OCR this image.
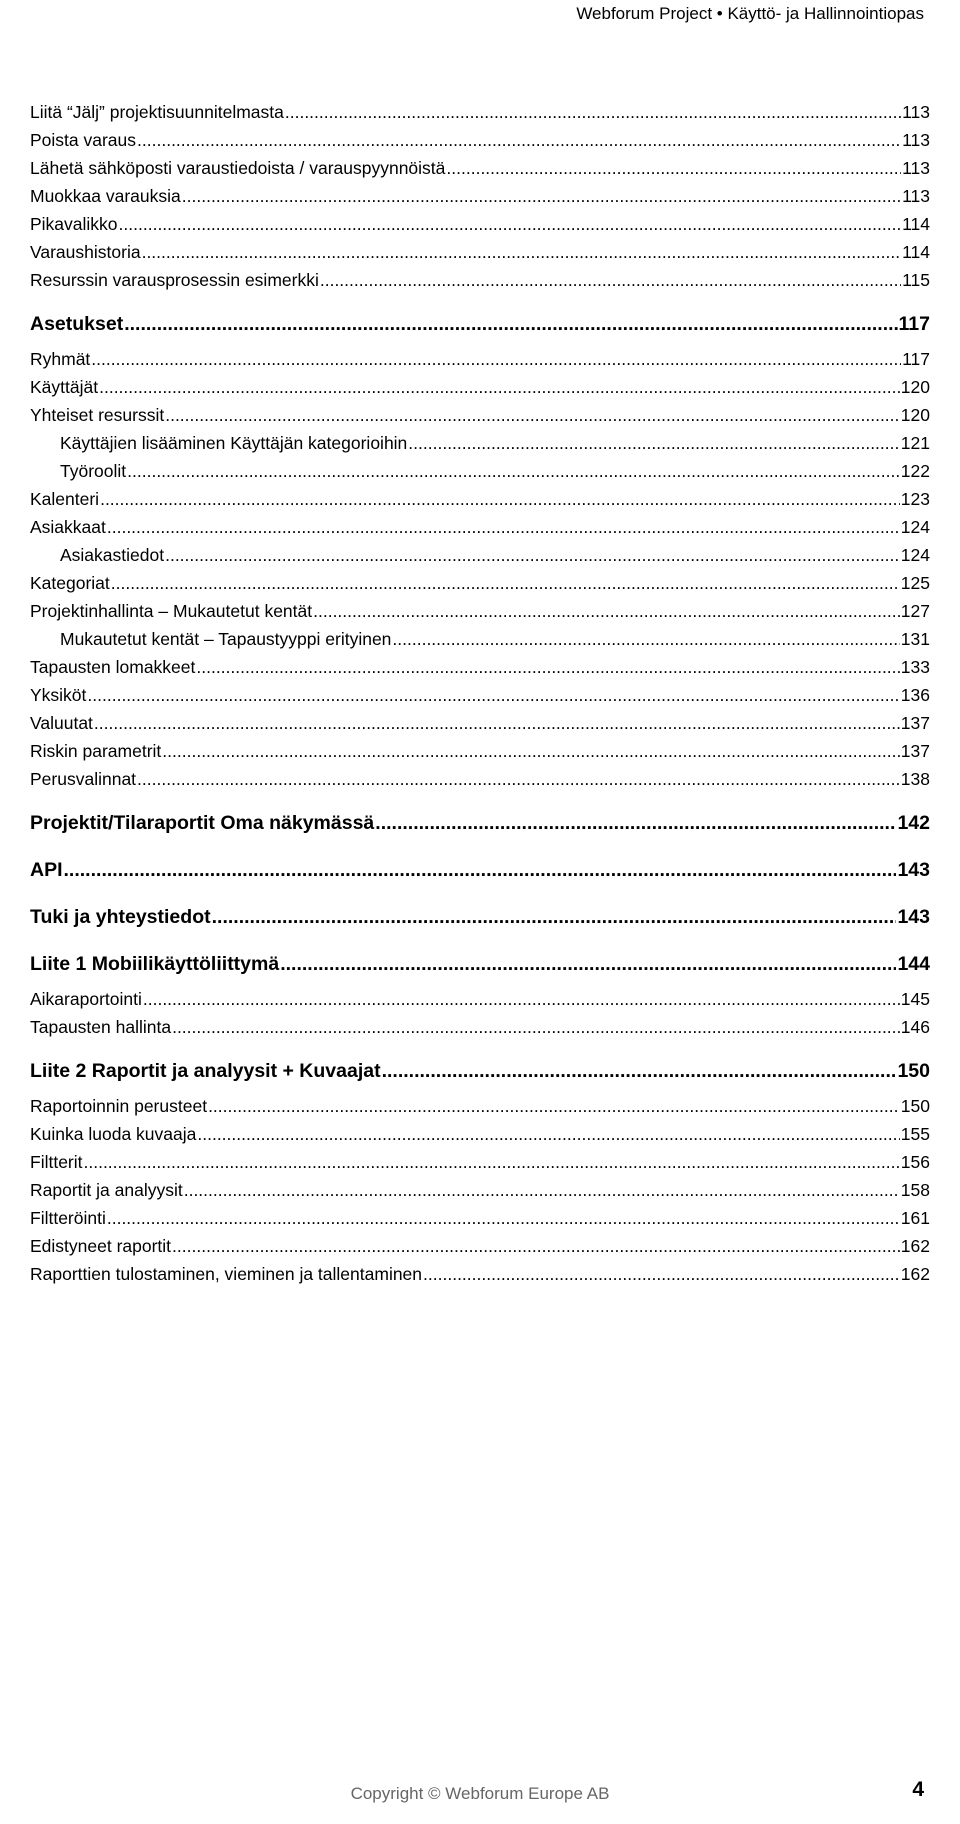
Webforum Project • Käyttö- ja Hallinnointiopas
Liitä “Jälj” projektisuunnitelmasta .....	113
Poista varaus .....	113
Lähetä sähköposti varaustiedoista / varauspyynnöistä .....	113
Muokkaa varauksia .....	113
Pikavalikko .....	114
Varaushistoria .....	114
Resurssin varausprosessin esimerkki .....	115
Asetukset .....	117
Ryhmät .....	117
Käyttäjät .....	120
Yhteiset resurssit .....	120
Käyttäjien lisääminen Käyttäjän kategorioihin .....	121
Työroolit .....	122
Kalenteri .....	123
Asiakkaat .....	124
Asiakastiedot .....	124
Kategoriat .....	125
Projektinhallinta – Mukautetut kentät .....	127
Mukautetut kentät – Tapaustyyppi erityinen .....	131
Tapausten lomakkeet .....	133
Yksiköt .....	136
Valuutat .....	137
Riskin parametrit .....	137
Perusvalinnat .....	138
Projektit/Tilaraportit Oma näkymässä .....	142
API .....	143
Tuki ja yhteystiedot .....	143
Liite 1 Mobiilikäyttöliittymä .....	144
Aikaraportointi .....	145
Tapausten hallinta .....	146
Liite 2 Raportit ja analyysit + Kuvaajat .....	150
Raportoinnin perusteet .....	150
Kuinka luoda kuvaaja .....	155
Filtterit .....	156
Raportit ja analyysit .....	158
Filtteröinti .....	161
Edistyneet raportit .....	162
Raporttien tulostaminen, vieminen ja tallentaminen .....	162
Copyright © Webforum Europe AB	4
